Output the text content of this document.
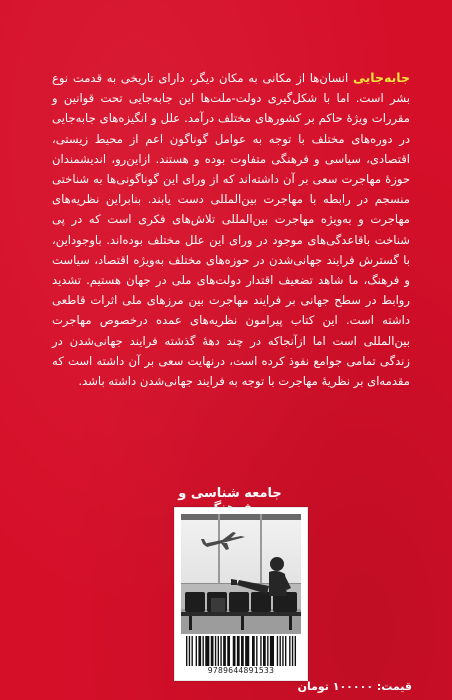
جابه‌جایی انسان‌ها از مکانی به مکان دیگر، دارای تاریخی به قدمت نوع بشر است. اما با شکل‌گیری دولت-ملت‌ها این جابه‌جایی تحت قوانین و مقررات ویژهٔ حاکم بر کشورهای مختلف درآمد. علل و انگیزه‌های جابه‌جایی در دوره‌های مختلف با توجه به عوامل گوناگون اعم از محیط زیستی، اقتصادی، سیاسی و فرهنگی متفاوت بوده و هستند. ازاین‌رو، اندیشمندان حوزهٔ مهاجرت سعی بر آن داشته‌اند که از ورای این گوناگونی‌ها به شناختی منسجم در رابطه با مهاجرت بین‌المللی دست یابند. بنابراین نظریه‌های مهاجرت و به‌ویژه مهاجرت بین‌المللی تلاش‌های فکری است که در پی شناخت باقاعدگی‌های موجود در ورای این علل مختلف بوده‌اند. باوجوداین، با گسترش فرایند جهانی‌شدن در حوزه‌های مختلف به‌ویژه اقتصاد، سیاست و فرهنگ، ما شاهد تضعیف اقتدار دولت‌های ملی در جهان هستیم. تشدید روابط در سطح جهانی بر فرایند مهاجرت بین مرزهای ملی اثرات قاطعی داشته است. این کتاب پیرامون نظریه‌های عمده درخصوص مهاجرت بین‌المللی است اما ازآنجاکه در چند دههٔ گذشته فرایند جهانی‌شدن در زندگی تمامی جوامع نفوذ کرده است، درنهایت سعی بر آن داشته است که مقدمه‌ای بر نظریهٔ مهاجرت با توجه به فرایند جهانی‌شدن داشته باشد.
جامعه شناسی و
9789644891533
قیمت: ۱۰۰۰۰۰ تومان
